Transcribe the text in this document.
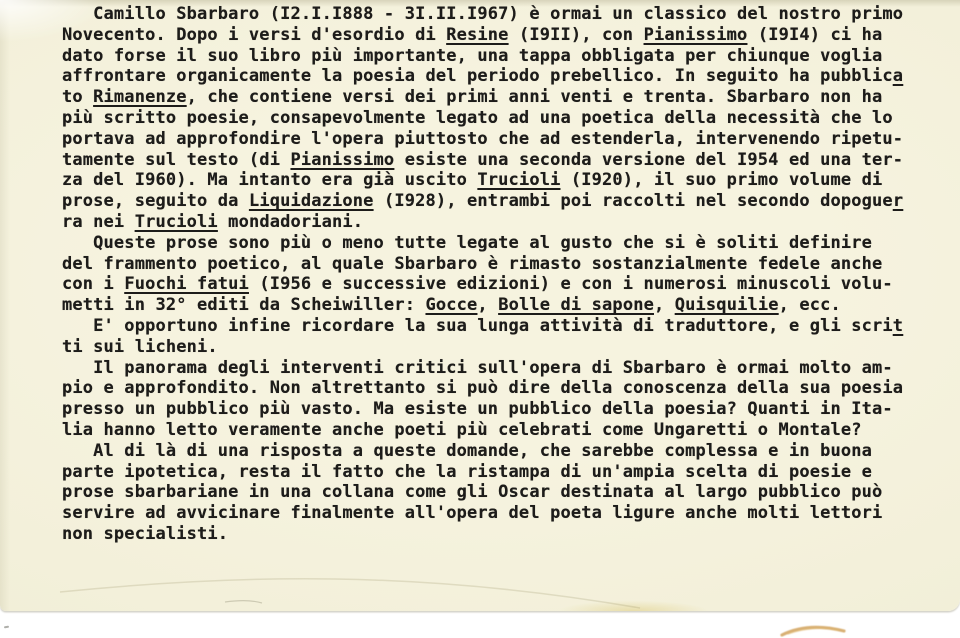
Camillo Sbarbaro (I2.I.I888 - 3I.II.I967) è ormai un classico del nostro primo
Novecento. Dopo i versi d'esordio di Resine (I9II), con Pianissimo (I9I4) ci ha
dato forse il suo libro più importante, una tappa obbligata per chiunque voglia
affrontare organicamente la poesia del periodo prebellico. In seguito ha pubblica
to Rimanenze, che contiene versi dei primi anni venti e trenta. Sbarbaro non ha
più scritto poesie, consapevolmente legato ad una poetica della necessità che lo
portava ad approfondire l'opera piuttosto che ad estenderla, intervenendo ripetu-
tamente sul testo (di Pianissimo esiste una seconda versione del I954 ed una ter-
za del I960). Ma intanto era già uscito Trucioli (I920), il suo primo volume di
prose, seguito da Liquidazione (I928), entrambi poi raccolti nel secondo dopoguer
ra nei Trucioli mondadoriani.
Queste prose sono più o meno tutte legate al gusto che si è soliti definire
del frammento poetico, al quale Sbarbaro è rimasto sostanzialmente fedele anche
con i Fuochi fatui (I956 e successive edizioni) e con i numerosi minuscoli volu-
metti in 32° editi da Scheiwiller: Gocce, Bolle di sapone, Quisquilie, ecc.
E' opportuno infine ricordare la sua lunga attività di traduttore, e gli scrit
ti sui licheni.
Il panorama degli interventi critici sull'opera di Sbarbaro è ormai molto am-
pio e approfondito. Non altrettanto si può dire della conoscenza della sua poesia
presso un pubblico più vasto. Ma esiste un pubblico della poesia? Quanti in Ita-
lia hanno letto veramente anche poeti più celebrati come Ungaretti o Montale?
Al di là di una risposta a queste domande, che sarebbe complessa e in buona
parte ipotetica, resta il fatto che la ristampa di un'ampia scelta di poesie e
prose sbarbariane in una collana come gli Oscar destinata al largo pubblico può
servire ad avvicinare finalmente all'opera del poeta ligure anche molti lettori
non specialisti.
